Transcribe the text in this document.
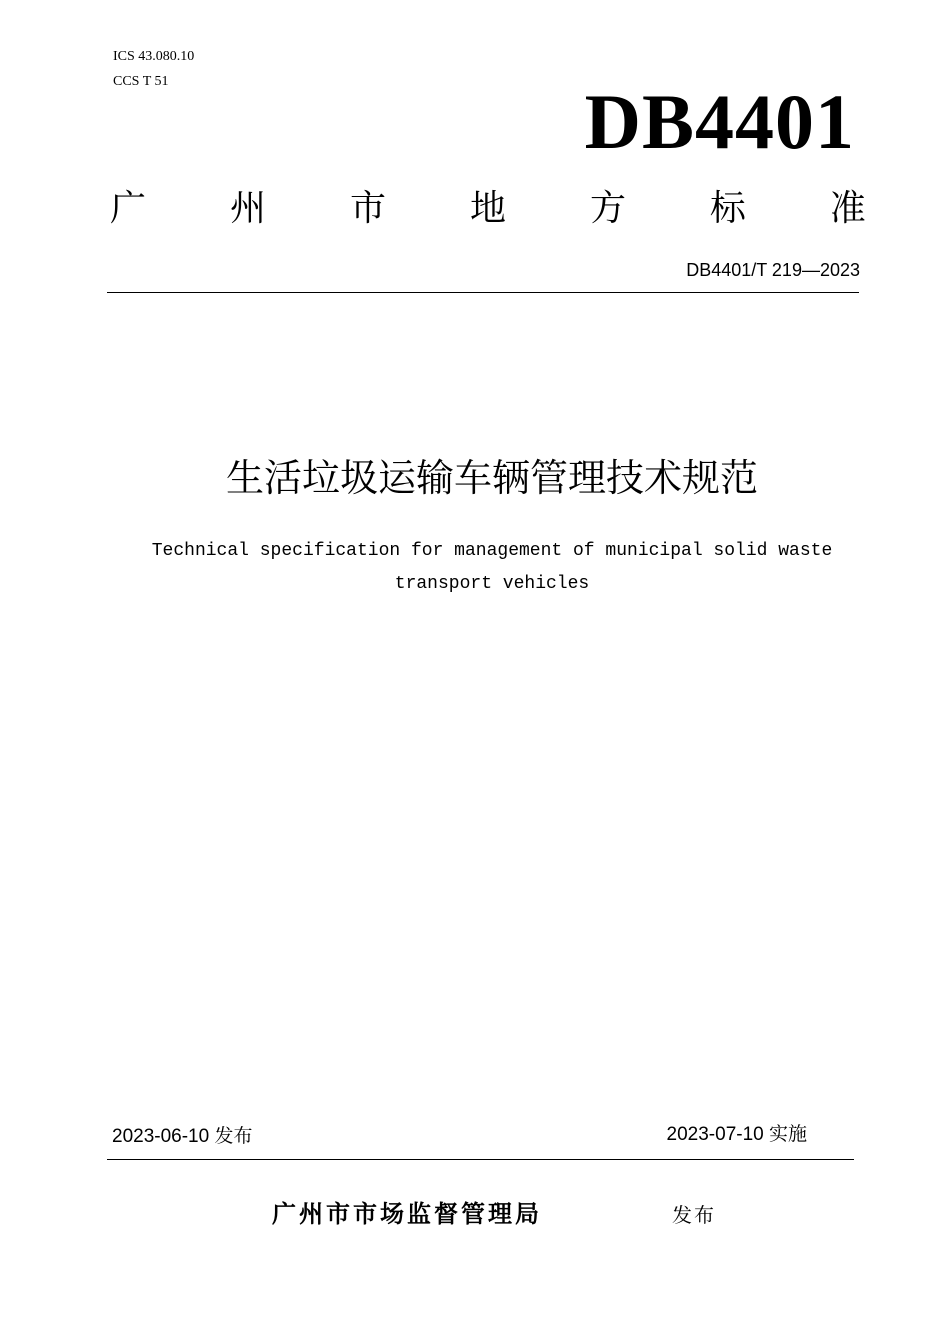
ICS 43.080.10
CCS T 51	DB4401
广 州 市 地 方 标 准
DB4401/T 219—2023
生活垃圾运输车辆管理技术规范
Technical specification for management of municipal solid waste
transport vehicles
2023-06-10 发布	2023-07-10 实施
广州市市场监督管理局	发布
